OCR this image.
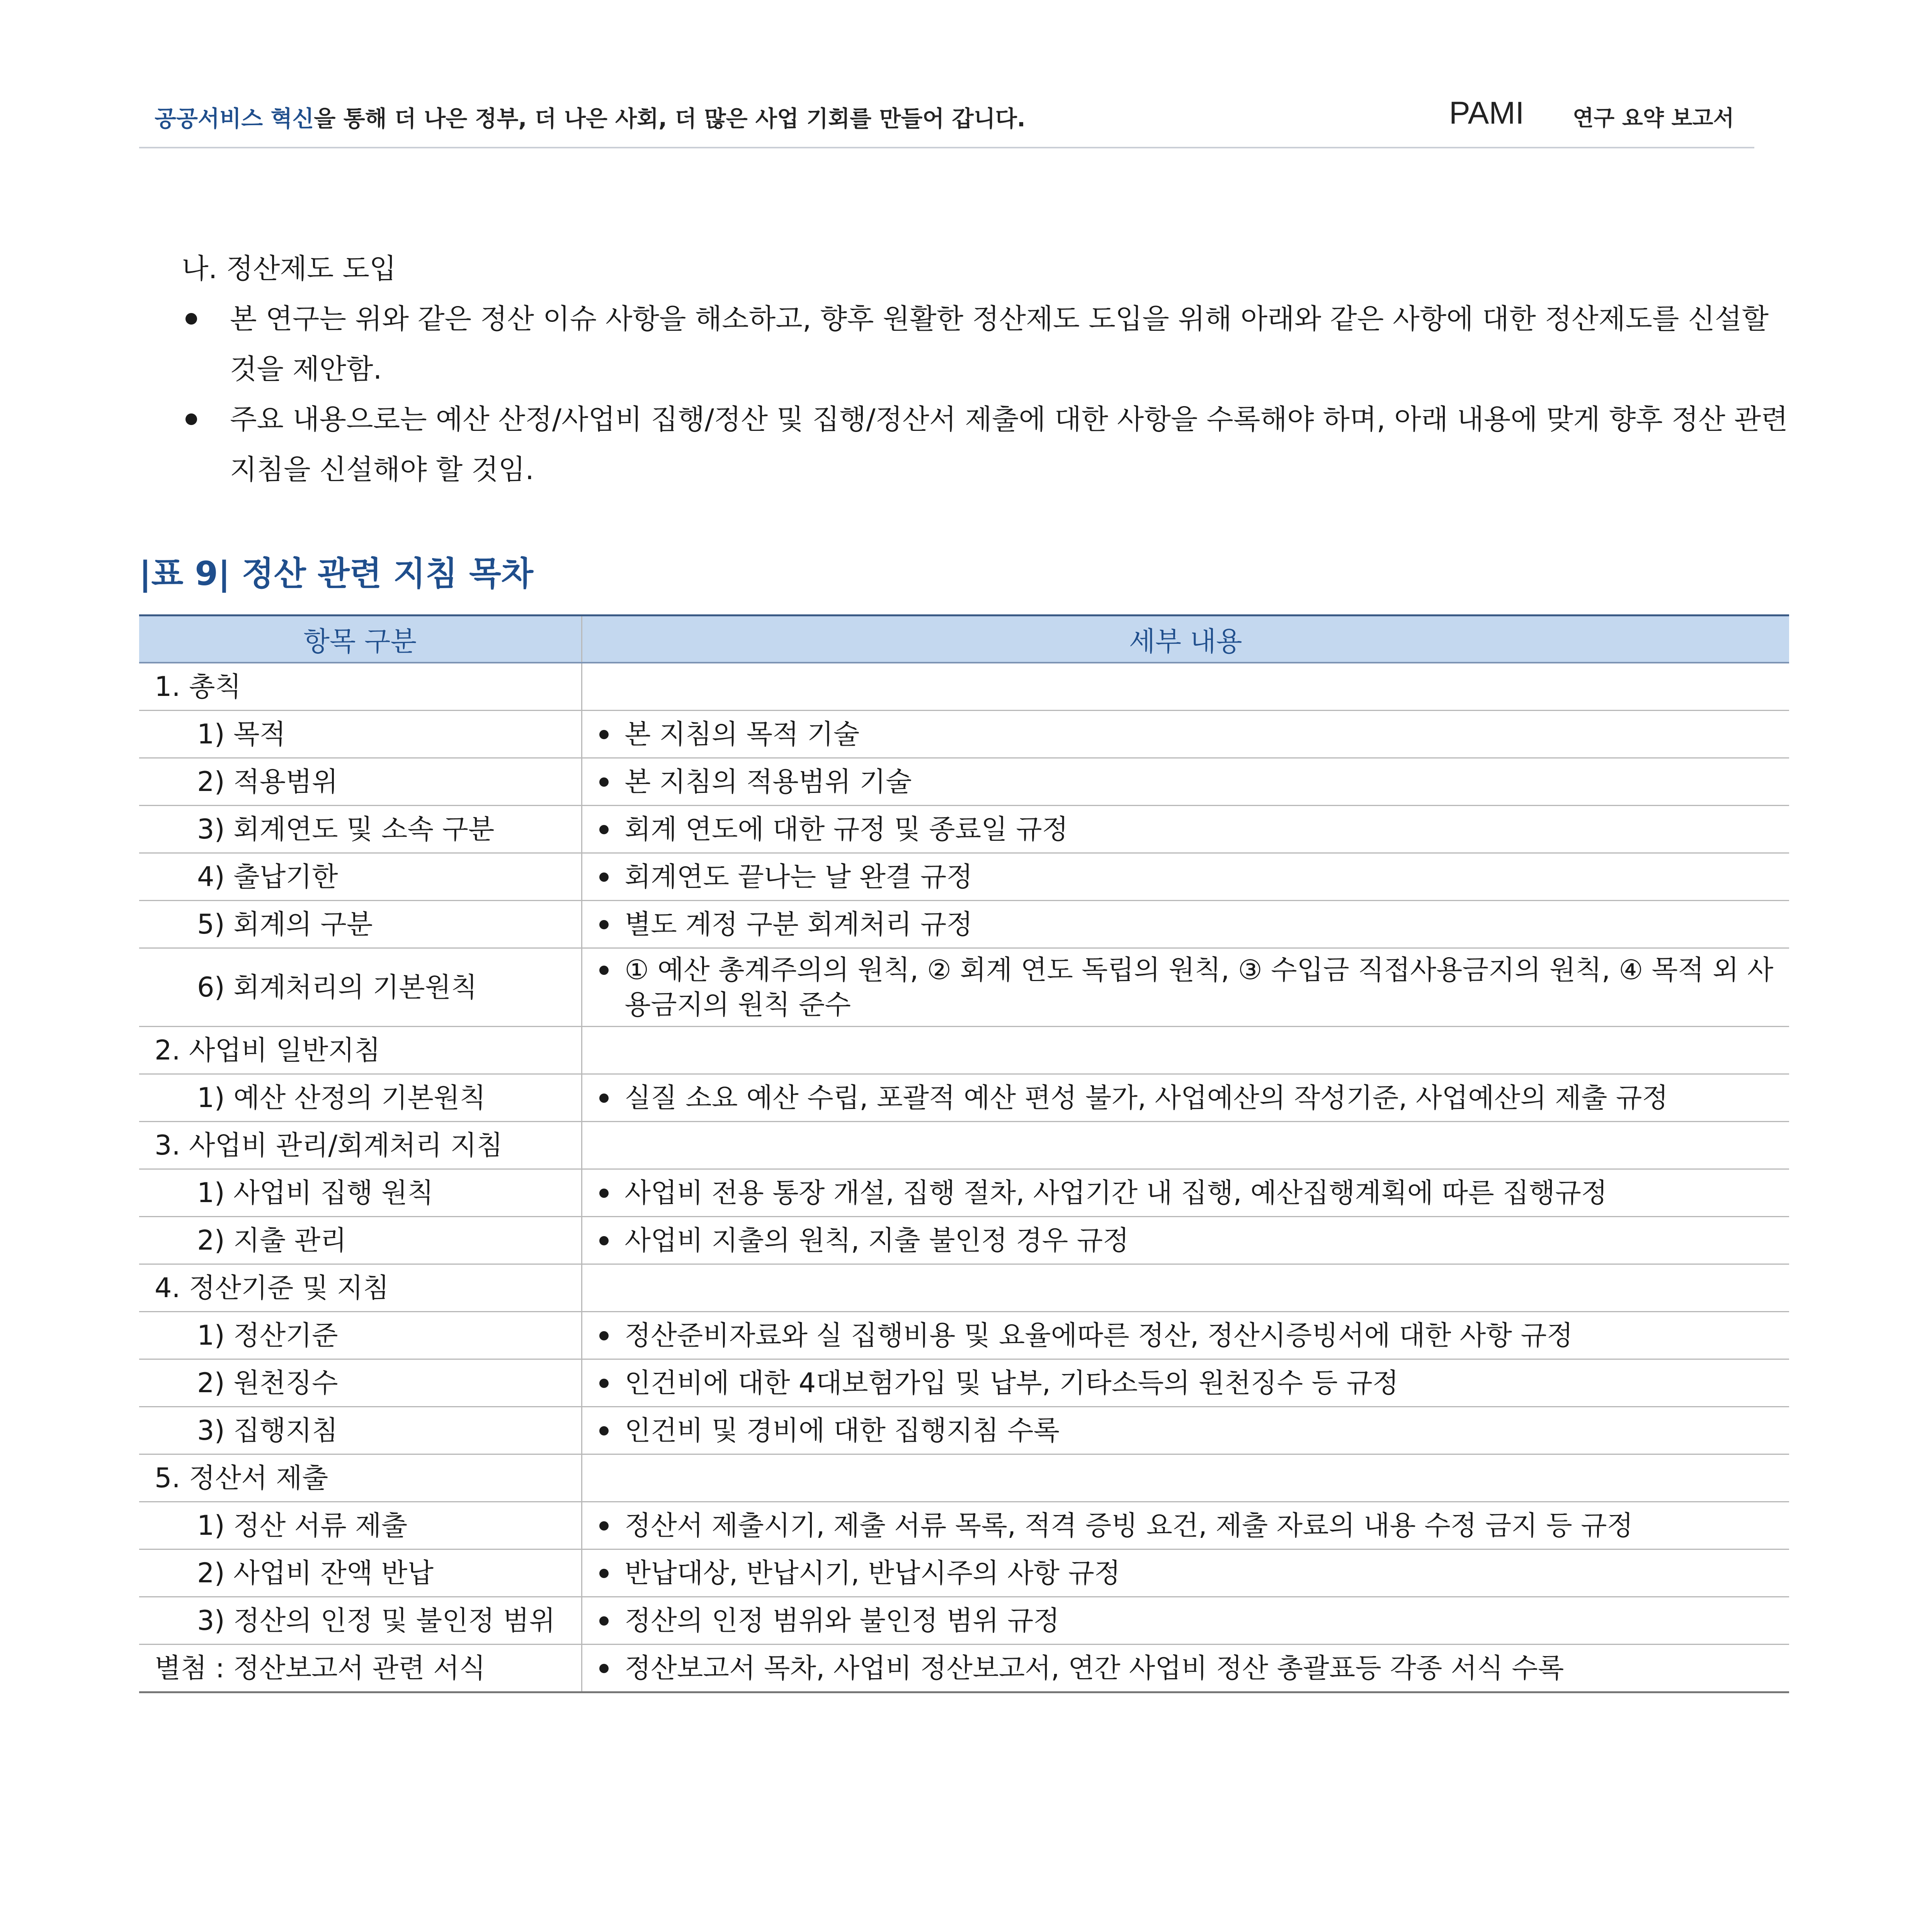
공공서비스 혁신을 통해 더 나은 정부, 더 나은 사회, 더 많은 사업 기회를 만들어 갑니다.	PAMI 연구 요약 보고서

나. 정산제도 도입

본 연구는 위와 같은 정산 이슈 사항을 해소하고, 향후 원활한 정산제도 도입을 위해 아래와 같은 사항에 대한 정산제도를 신설할 것을 제안함.

주요 내용으로는 예산 산정/사업비 집행/정산 및 집행/정산서 제출에 대한 사항을 수록해야 하며, 아래 내용에 맞게 향후 정산 관련 지침을 신설해야 할 것임.

|표 9| 정산 관련 지침 목차
항목 구분	세부 내용
1. 총칙	
1) 목적	본 지침의 목적 기술

2) 적용범위	본 지침의 적용범위 기술

3) 회계연도 및 소속 구분	회계 연도에 대한 규정 및 종료일 규정

4) 출납기한	회계연도 끝나는 날 완결 규정

5) 회계의 구분	별도 계정 구분 회계처리 규정

6) 회계처리의 기본원칙	① 예산 총계주의의 원칙, ② 회계 연도 독립의 원칙, ③ 수입금 직접사용금지의 원칙, ④ 목적 외 사용금지의 원칙 준수

2. 사업비 일반지침	
1) 예산 산정의 기본원칙	실질 소요 예산 수립, 포괄적 예산 편성 불가, 사업예산의 작성기준, 사업예산의 제출 규정

3. 사업비 관리/회계처리 지침	
1) 사업비 집행 원칙	사업비 전용 통장 개설, 집행 절차, 사업기간 내 집행, 예산집행계획에 따른 집행규정

2) 지출 관리	사업비 지출의 원칙, 지출 불인정 경우 규정

4. 정산기준 및 지침	
1) 정산기준	정산준비자료와 실 집행비용 및 요율에따른 정산, 정산시증빙서에 대한 사항 규정

2) 원천징수	인건비에 대한 4대보험가입 및 납부, 기타소득의 원천징수 등 규정

3) 집행지침	인건비 및 경비에 대한 집행지침 수록

5. 정산서 제출	
1) 정산 서류 제출	정산서 제출시기, 제출 서류 목록, 적격 증빙 요건, 제출 자료의 내용 수정 금지 등 규정

2) 사업비 잔액 반납	반납대상, 반납시기, 반납시주의 사항 규정

3) 정산의 인정 및 불인정 범위	정산의 인정 범위와 불인정 범위 규정

별첨 : 정산보고서 관련 서식	정산보고서 목차, 사업비 정산보고서, 연간 사업비 정산 총괄표등 각종 서식 수록
